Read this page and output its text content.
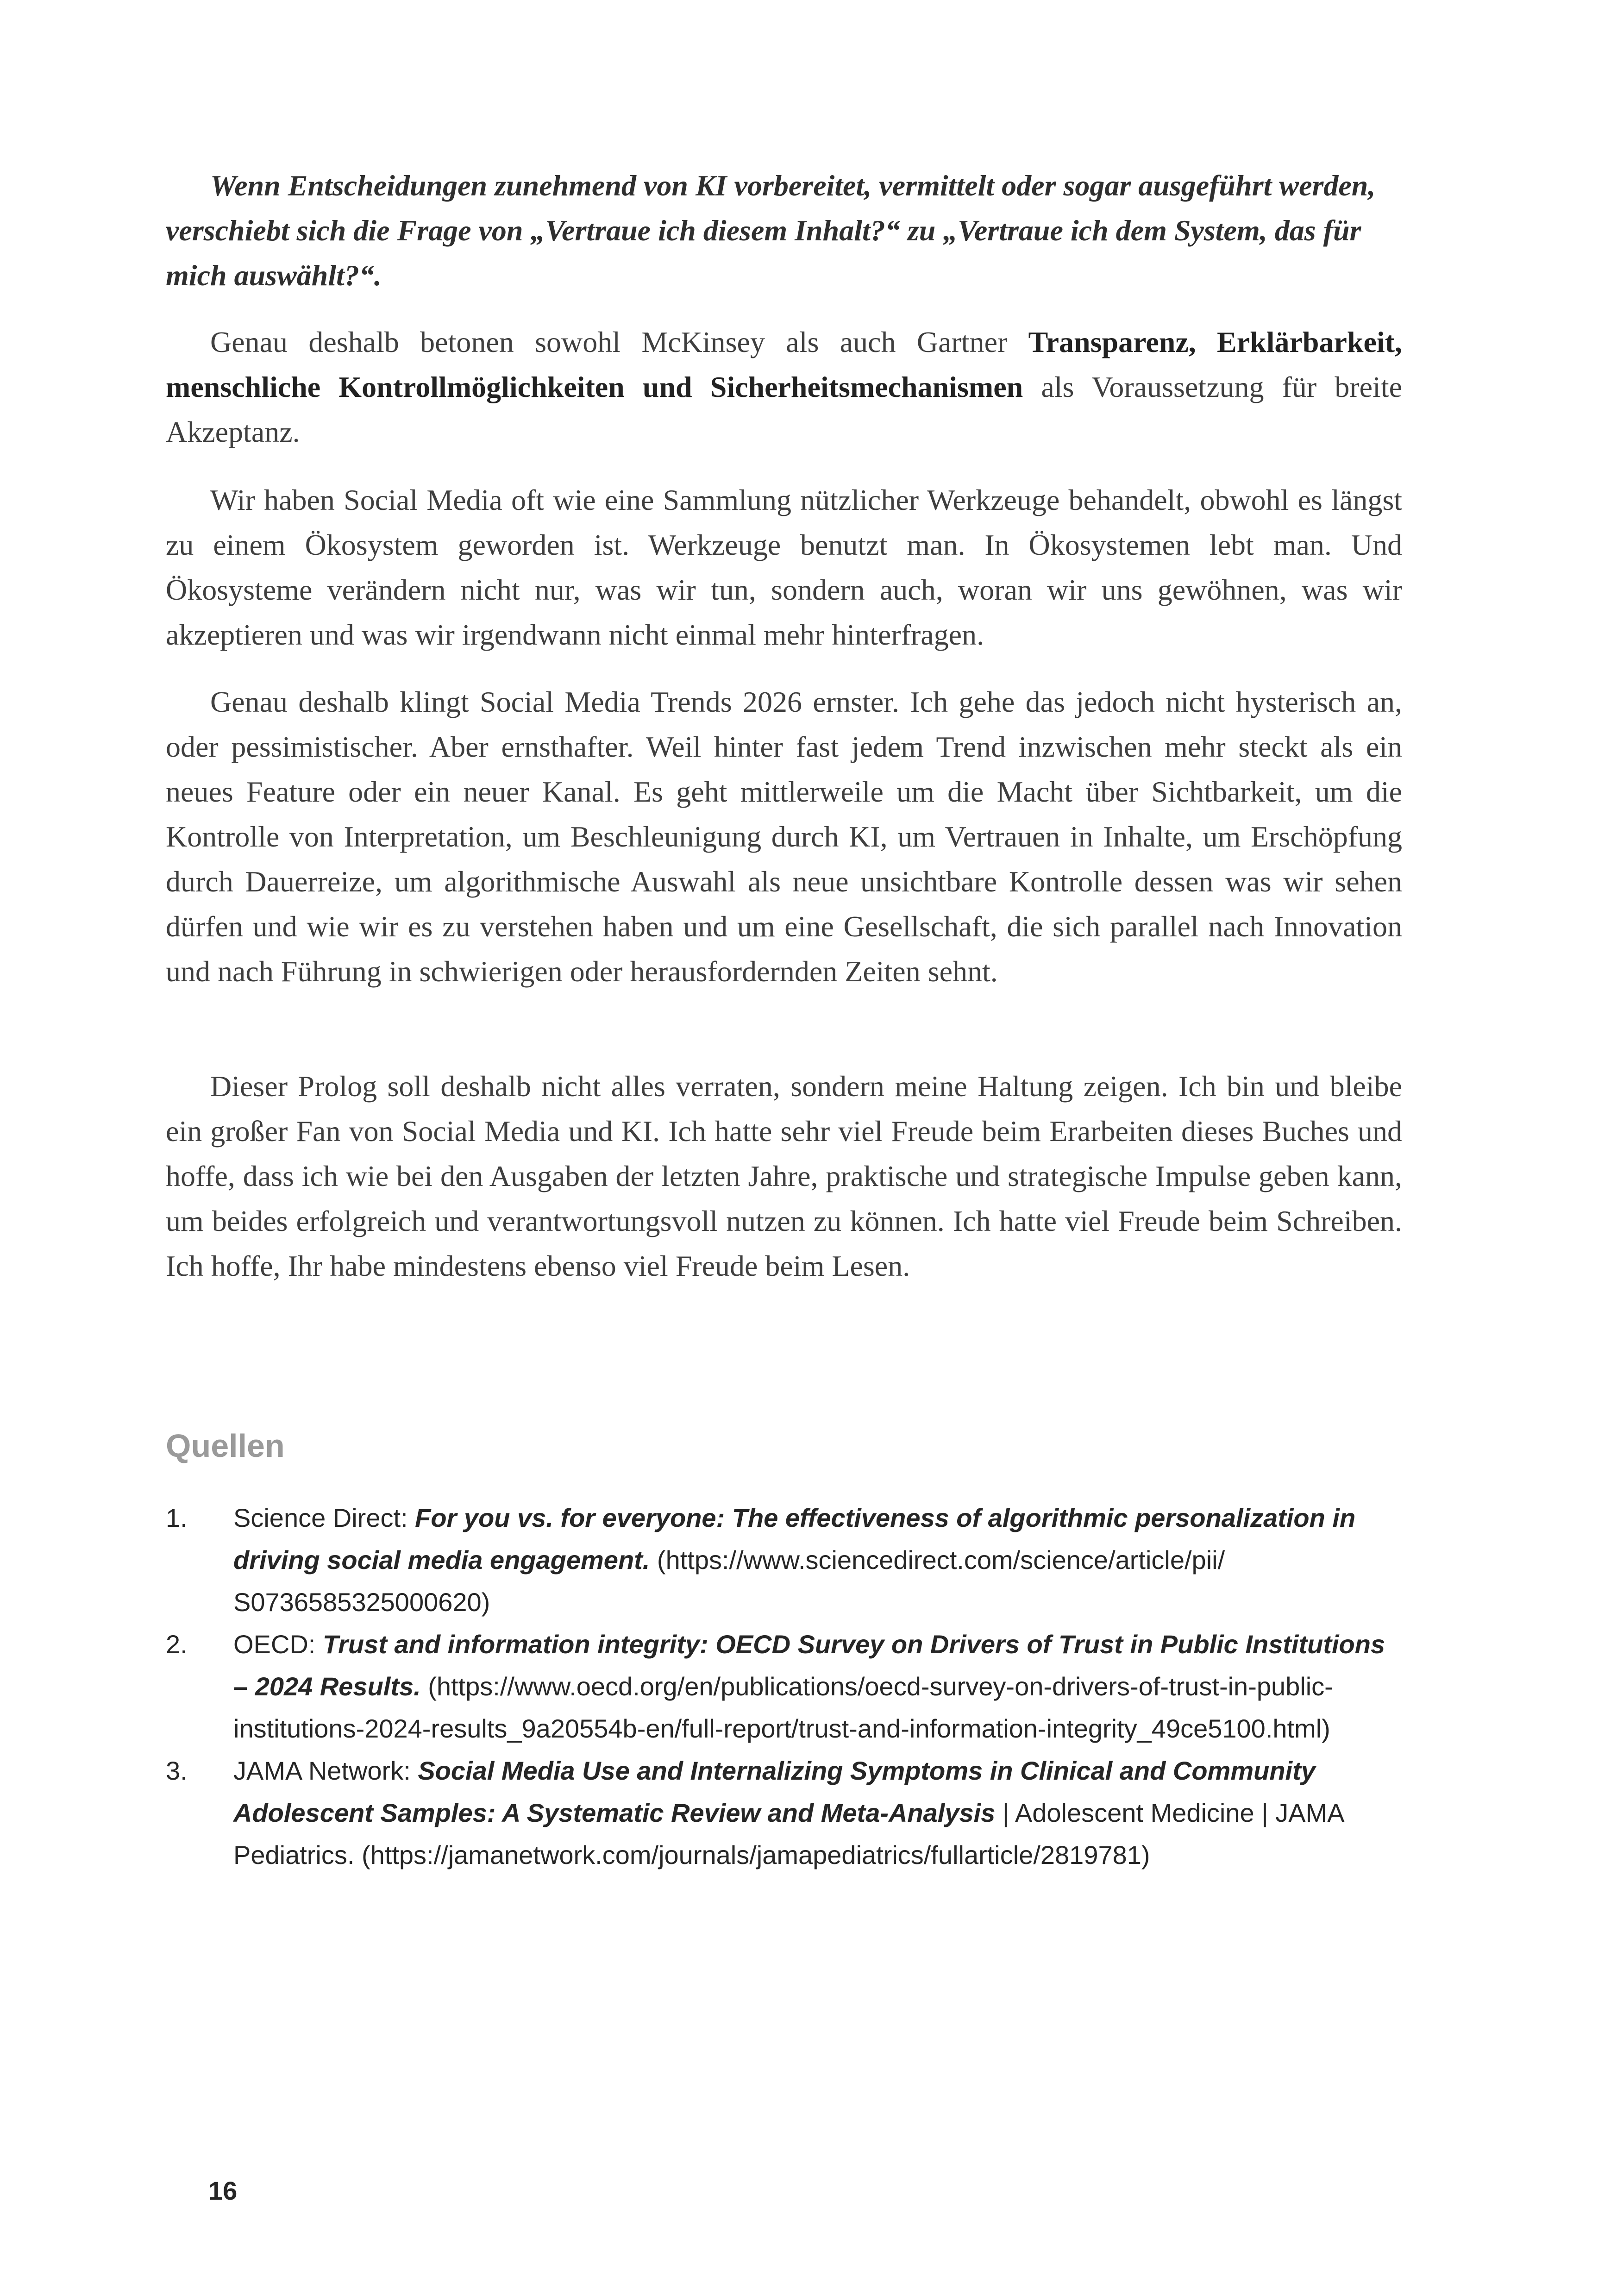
Wenn Entscheidungen zunehmend von KI vorbereitet, vermittelt oder sogar ausgeführt werden, verschiebt sich die Frage von „Vertraue ich diesem Inhalt?“ zu „Vertraue ich dem System, das für mich auswählt?“.

Genau deshalb betonen sowohl McKinsey als auch Gartner Transparenz, Erklärbarkeit, menschliche Kontrollmöglichkeiten und Sicherheitsmechanismen als Voraussetzung für breite Akzeptanz.

Wir haben Social Media oft wie eine Sammlung nützlicher Werkzeuge behandelt, obwohl es längst zu einem Ökosystem geworden ist. Werkzeuge benutzt man. In Ökosystemen lebt man. Und Ökosysteme verändern nicht nur, was wir tun, sondern auch, woran wir uns gewöhnen, was wir akzeptieren und was wir irgendwann nicht einmal mehr hinterfragen.

Genau deshalb klingt Social Media Trends 2026 ernster. Ich gehe das jedoch nicht hysterisch an, oder pessimistischer. Aber ernsthafter. Weil hinter fast jedem Trend inzwischen mehr steckt als ein neues Feature oder ein neuer Kanal. Es geht mittlerweile um die Macht über Sichtbarkeit, um die Kontrolle von Interpretation, um Beschleunigung durch KI, um Vertrauen in Inhalte, um Erschöpfung durch Dauerreize, um algorithmische Auswahl als neue unsichtbare Kontrolle dessen was wir sehen dürfen und wie wir es zu verstehen haben und um eine Gesellschaft, die sich parallel nach Innovation und nach Führung in schwierigen oder herausfordernden Zeiten sehnt.

Dieser Prolog soll deshalb nicht alles verraten, sondern meine Haltung zeigen. Ich bin und bleibe ein großer Fan von Social Media und KI. Ich hatte sehr viel Freude beim Erarbeiten dieses Buches und hoffe, dass ich wie bei den Ausgaben der letzten Jahre, praktische und strategische Impulse geben kann, um beides erfolgreich und verantwortungsvoll nutzen zu können. Ich hatte viel Freude beim Schreiben. Ich hoffe, Ihr habe mindestens ebenso viel Freude beim Lesen.

Quellen
1. Science Direct: For you vs. for everyone: The effectiveness of algorithmic personalization in driving social media engagement. (https://www.sciencedirect.com/science/article/pii/ S0736585325000620)
2. OECD: Trust and information integrity: OECD Survey on Drivers of Trust in Public Institutions – 2024 Results. (https://www.oecd.org/en/publications/oecd-survey-on-drivers-of-trust-in-public-institutions-2024-results_9a20554b-en/full-report/trust-and-information-integrity_49ce5100.html)
3. JAMA Network: Social Media Use and Internalizing Symptoms in Clinical and Community Adolescent Samples: A Systematic Review and Meta-Analysis | Adolescent Medicine | JAMA Pediatrics. (https://jamanetwork.com/journals/jamapediatrics/fullarticle/2819781)

16
